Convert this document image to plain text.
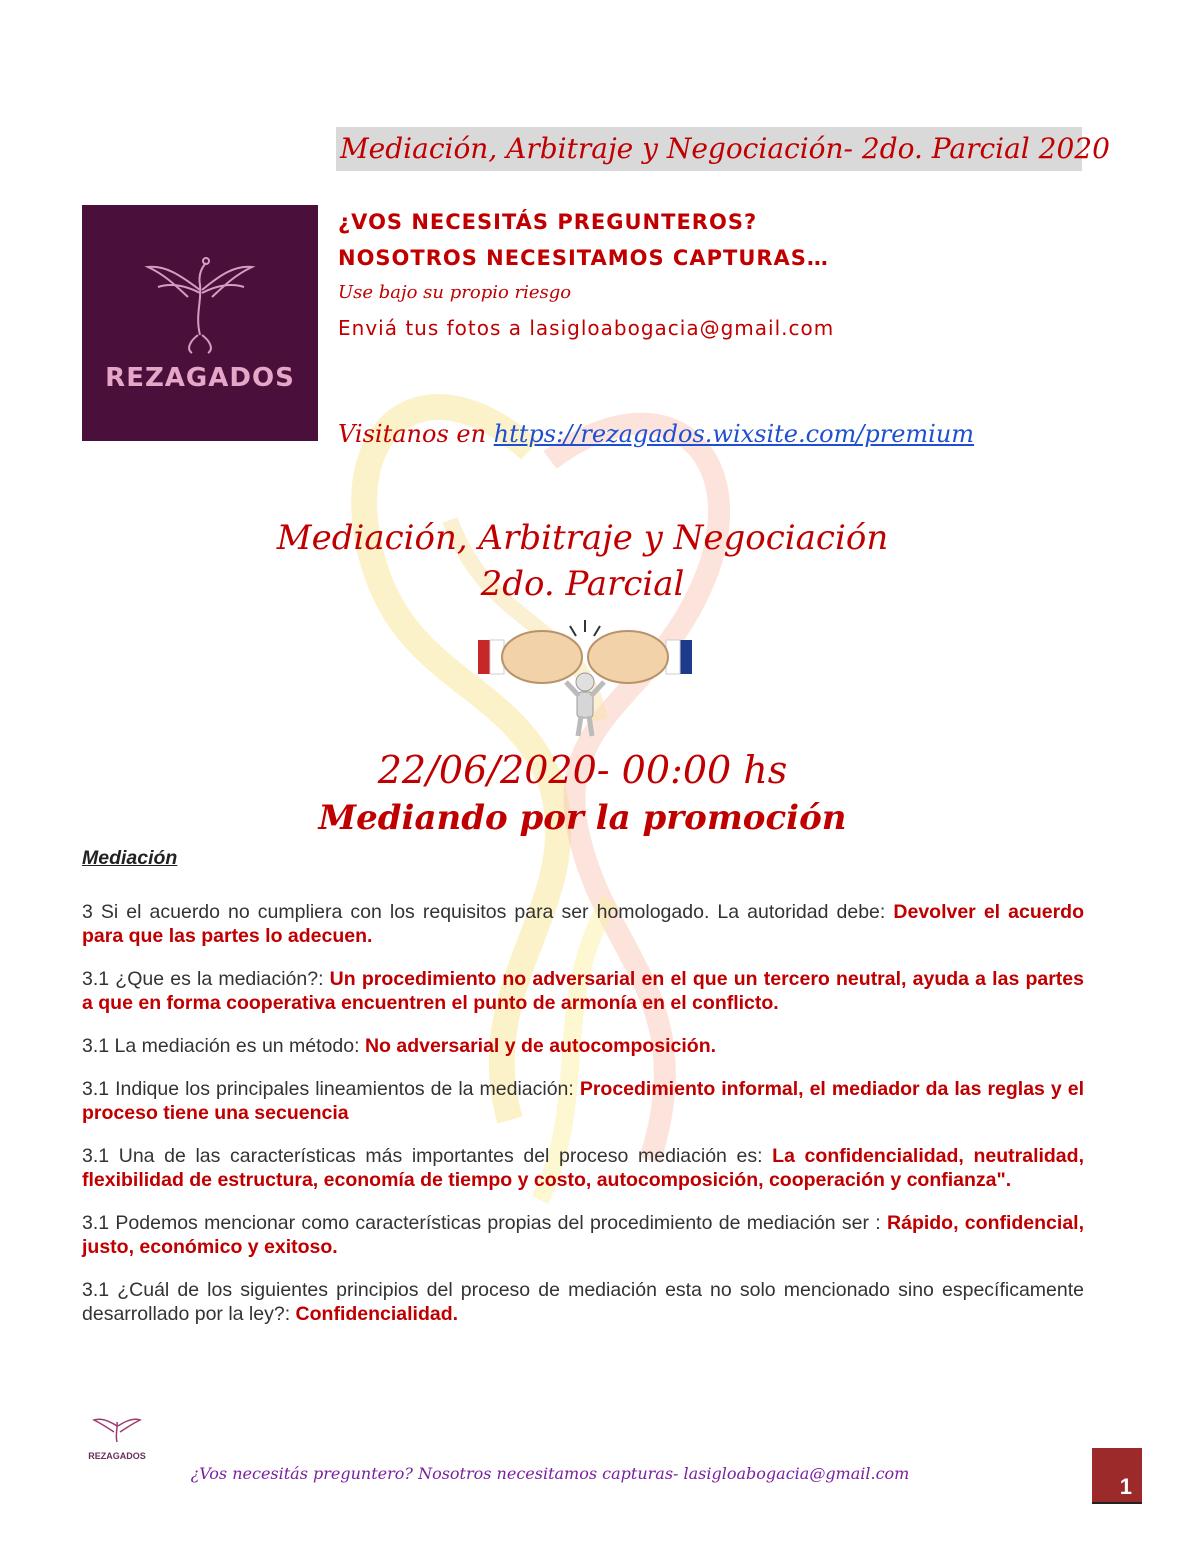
Mediación, Arbitraje y Negociación- 2do. Parcial 2020
REZAGADOS
¿VOS NECESITÁS PREGUNTEROS?
NOSOTROS NECESITAMOS CAPTURAS…
Use bajo su propio riesgo
Enviá tus fotos a lasigloabogacia@gmail.com
Visitanos en https://rezagados.wixsite.com/premium
Mediación, Arbitraje y Negociación
2do. Parcial
22/06/2020- 00:00 hs
Mediando por la promoción
Mediación

3 Si el acuerdo no cumpliera con los requisitos para ser homologado. La autoridad debe: Devolver el acuerdo para que las partes lo adecuen.

3.1 ¿Que es la mediación?: Un procedimiento no adversarial en el que un tercero neutral, ayuda a las partes a que en forma cooperativa encuentren el punto de armonía en el conflicto.

3.1 La mediación es un método: No adversarial y de autocomposición.

3.1 Indique los principales lineamientos de la mediación: Procedimiento informal, el mediador da las reglas y el proceso tiene una secuencia

3.1 Una de las características más importantes del proceso mediación es: La confidencialidad, neutralidad, flexibilidad de estructura, economía de tiempo y costo, autocomposición, cooperación y confianza".

3.1 Podemos mencionar como características propias del procedimiento de mediación ser : Rápido, confidencial, justo, económico y exitoso.

3.1 ¿Cuál de los siguientes principios del proceso de mediación esta no solo mencionado sino específicamente desarrollado por la ley?: Confidencialidad.

REZAGADOS
¿Vos necesitás preguntero? Nosotros necesitamos capturas- lasigloabogacia@gmail.com
1
